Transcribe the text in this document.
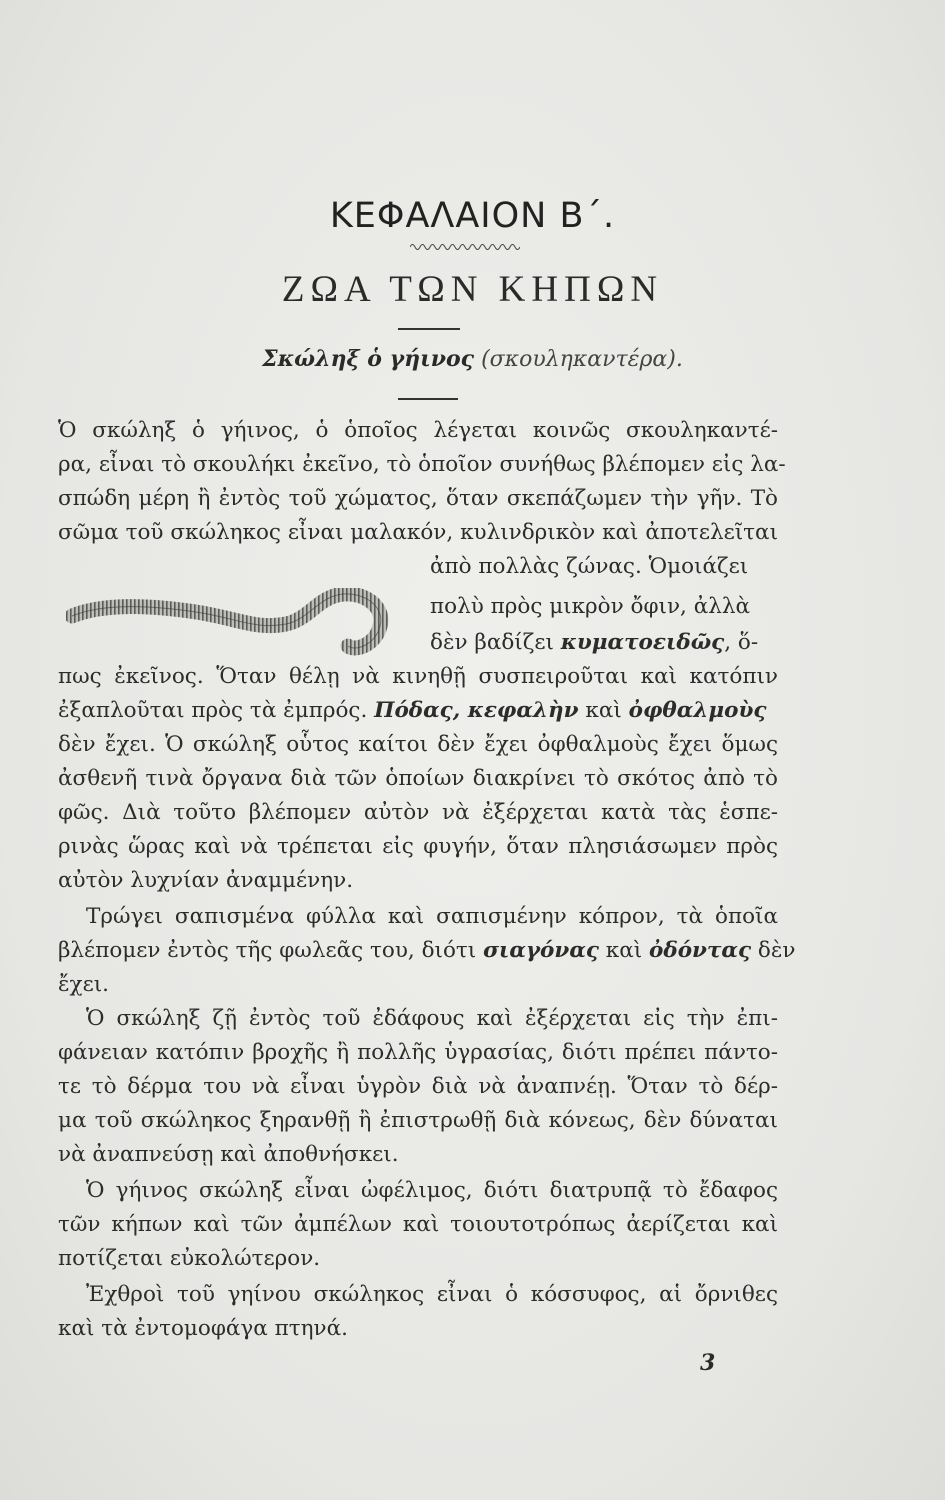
ΚΕΦΑΛΑΙΟΝ Β΄.
ΖΩΑ ΤΩΝ ΚΗΠΩΝ
Σκώληξ ὁ γήινος (σκουληκαντέρα).
Ὁ σκώληξ ὁ γήινος, ὁ ὁποῖος λέγεται κοινῶς σκουληκαντέ-
ρα, εἶναι τὸ σκουλήκι ἐκεῖνο, τὸ ὁποῖον συνήθως βλέπομεν εἰς λα-
σπώδη μέρη ἢ ἐντὸς τοῦ χώματος, ὅταν σκεπάζωμεν τὴν γῆν. Τὸ
σῶμα τοῦ σκώληκος εἶναι μαλακόν, κυλινδρικὸν καὶ ἀποτελεῖται
ἀπὸ πολλὰς ζώνας. Ὁμοιάζει
πολὺ πρὸς μικρὸν ὄφιν, ἀλλὰ
δὲν βαδίζει κυματοειδῶς, ὅ-
πως ἐκεῖνος. Ὅταν θέλῃ νὰ κινηθῇ συσπειροῦται καὶ κατόπιν
ἐξαπλοῦται πρὸς τὰ ἐμπρός. Πόδας, κεφαλὴν καὶ ὀφθαλμοὺς
δὲν ἔχει. Ὁ σκώληξ οὗτος καίτοι δὲν ἔχει ὀφθαλμοὺς ἔχει ὅμως
ἀσθενῆ τινὰ ὄργανα διὰ τῶν ὁποίων διακρίνει τὸ σκότος ἀπὸ τὸ
φῶς. Διὰ τοῦτο βλέπομεν αὐτὸν νὰ ἐξέρχεται κατὰ τὰς ἑσπε-
ρινὰς ὥρας καὶ νὰ τρέπεται εἰς φυγήν, ὅταν πλησιάσωμεν πρὸς
αὐτὸν λυχνίαν ἀναμμένην.
Τρώγει σαπισμένα φύλλα καὶ σαπισμένην κόπρον, τὰ ὁποῖα
βλέπομεν ἐντὸς τῆς φωλεᾶς του, διότι σιαγόνας καὶ ὀδόντας δὲν
ἔχει.
Ὁ σκώληξ ζῇ ἐντὸς τοῦ ἐδάφους καὶ ἐξέρχεται εἰς τὴν ἐπι-
φάνειαν κατόπιν βροχῆς ἢ πολλῆς ὑγρασίας, διότι πρέπει πάντο-
τε τὸ δέρμα του νὰ εἶναι ὑγρὸν διὰ νὰ ἀναπνέῃ. Ὅταν τὸ δέρ-
μα τοῦ σκώληκος ξηρανθῇ ἢ ἐπιστρωθῇ διὰ κόνεως, δὲν δύναται
νὰ ἀναπνεύσῃ καὶ ἀποθνήσκει.
Ὁ γήινος σκώληξ εἶναι ὠφέλιμος, διότι διατρυπᾷ τὸ ἔδαφος
τῶν κήπων καὶ τῶν ἀμπέλων καὶ τοιουτοτρόπως ἀερίζεται καὶ
ποτίζεται εὐκολώτερον.
Ἐχθροὶ τοῦ γηίνου σκώληκος εἶναι ὁ κόσσυφος, αἱ ὄρνιθες
καὶ τὰ ἐντομοφάγα πτηνά.
3
